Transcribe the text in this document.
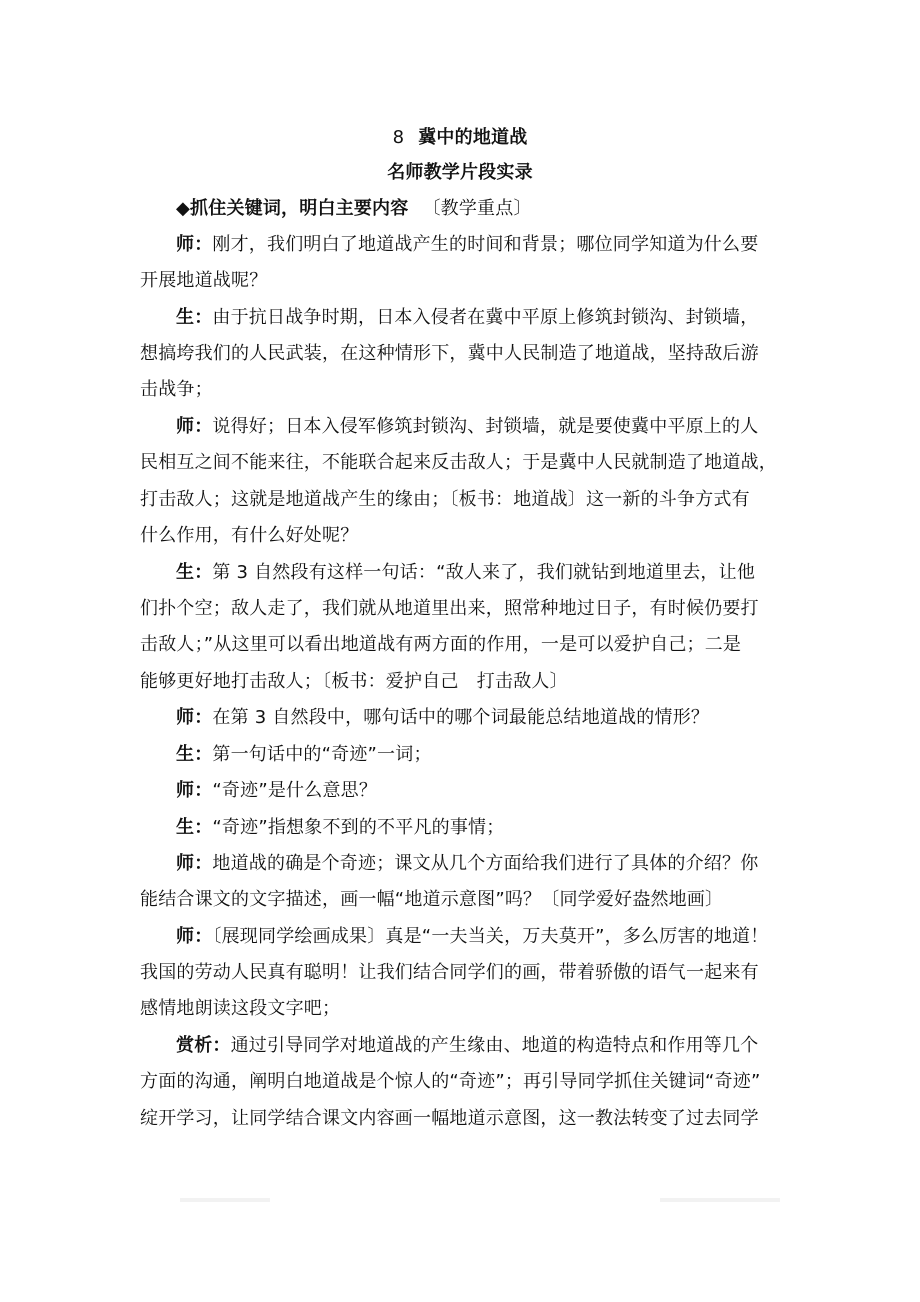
8 冀中的地道战
名师教学片段实录
◆抓住关键词，明白主要内容 〔教学重点〕
师：刚才，我们明白了地道战产生的时间和背景；哪位同学知道为什么要
开展地道战呢？
生：由于抗日战争时期，日本入侵者在冀中平原上修筑封锁沟、封锁墙，
想搞垮我们的人民武装，在这种情形下，冀中人民制造了地道战，坚持敌后游
击战争；
师：说得好；日本入侵军修筑封锁沟、封锁墙，就是要使冀中平原上的人
民相互之间不能来往，不能联合起来反击敌人；于是冀中人民就制造了地道战，
打击敌人；这就是地道战产生的缘由；〔板书：地道战〕这一新的斗争方式有
什么作用，有什么好处呢？
生：第 3 自然段有这样一句话：“敌人来了，我们就钻到地道里去，让他
们扑个空；敌人走了，我们就从地道里出来，照常种地过日子，有时候仍要打
击敌人；”从这里可以看出地道战有两方面的作用，一是可以爱护自己；二是
能够更好地打击敌人；〔板书：爱护自己　打击敌人〕
师：在第 3 自然段中，哪句话中的哪个词最能总结地道战的情形？
生：第一句话中的“奇迹”一词；
师：“奇迹”是什么意思？
生：“奇迹”指想象不到的不平凡的事情；
师：地道战的确是个奇迹；课文从几个方面给我们进行了具体的介绍？你
能结合课文的文字描述，画一幅“地道示意图”吗？〔同学爱好盎然地画〕
师：〔展现同学绘画成果〕真是“一夫当关，万夫莫开”，多么厉害的地道！
我国的劳动人民真有聪明！让我们结合同学们的画，带着骄傲的语气一起来有
感情地朗读这段文字吧；
赏析：通过引导同学对地道战的产生缘由、地道的构造特点和作用等几个
方面的沟通，阐明白地道战是个惊人的“奇迹”；再引导同学抓住关键词“奇迹”
绽开学习，让同学结合课文内容画一幅地道示意图，这一教法转变了过去同学
